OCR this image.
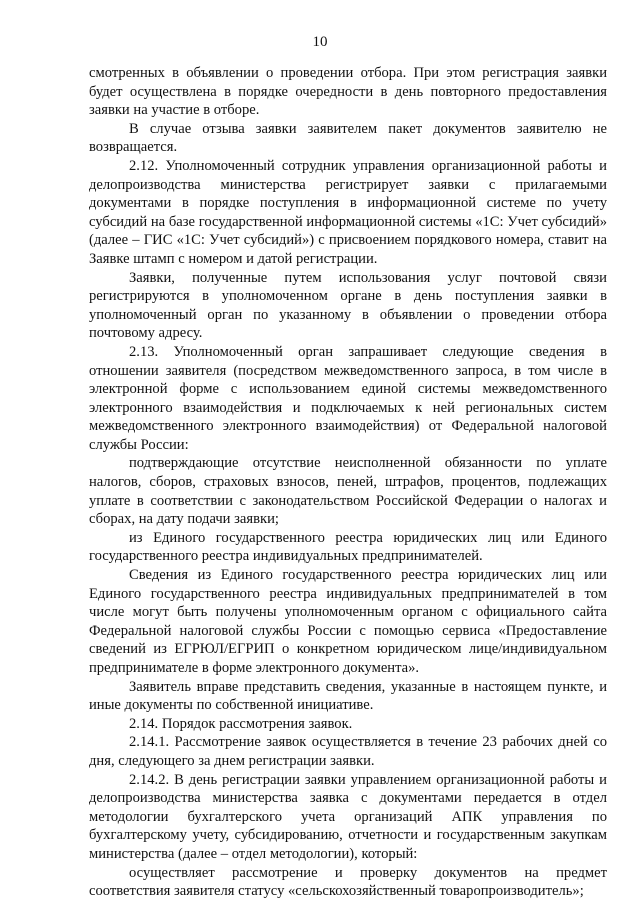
10

смотренных в объявлении о проведении отбора. При этом регистрация заявки будет осуществлена в порядке очередности в день повторного предоставления заявки на участие в отборе.

В случае отзыва заявки заявителем пакет документов заявителю не возвращается.

2.12. Уполномоченный сотрудник управления организационной работы и делопроизводства министерства регистрирует заявки с прилагаемыми документами в порядке поступления в информационной системе по учету субсидий на базе государственной информационной системы «1С: Учет субсидий» (далее – ГИС «1С: Учет субсидий») с присвоением порядкового номера, ставит на Заявке штамп с номером и датой регистрации.

Заявки, полученные путем использования услуг почтовой связи регистрируются в уполномоченном органе в день поступления заявки в уполномоченный орган по указанному в объявлении о проведении отбора почтовому адресу.

2.13. Уполномоченный орган запрашивает следующие сведения в отношении заявителя (посредством межведомственного запроса, в том числе в электронной форме с использованием единой системы межведомственного электронного взаимодействия и подключаемых к ней региональных систем межведомственного электронного взаимодействия) от Федеральной налоговой службы России:

подтверждающие отсутствие неисполненной обязанности по уплате налогов, сборов, страховых взносов, пеней, штрафов, процентов, подлежащих уплате в соответствии с законодательством Российской Федерации о налогах и сборах, на дату подачи заявки;

из Единого государственного реестра юридических лиц или Единого государственного реестра индивидуальных предпринимателей.

Сведения из Единого государственного реестра юридических лиц или Единого государственного реестра индивидуальных предпринимателей в том числе могут быть получены уполномоченным органом с официального сайта Федеральной налоговой службы России с помощью сервиса «Предоставление сведений из ЕГРЮЛ/ЕГРИП о конкретном юридическом лице/индивидуальном предпринимателе в форме электронного документа».

Заявитель вправе представить сведения, указанные в настоящем пункте, и иные документы по собственной инициативе.

2.14. Порядок рассмотрения заявок.

2.14.1. Рассмотрение заявок осуществляется в течение 23 рабочих дней со дня, следующего за днем регистрации заявки.

2.14.2. В день регистрации заявки управлением организационной работы и делопроизводства министерства заявка с документами передается в отдел методологии бухгалтерского учета организаций АПК управления по бухгалтерскому учету, субсидированию, отчетности и государственным закупкам министерства (далее – отдел методологии), который:

осуществляет рассмотрение и проверку документов на предмет соответствия заявителя статусу «сельскохозяйственный товаропроизводитель»;
